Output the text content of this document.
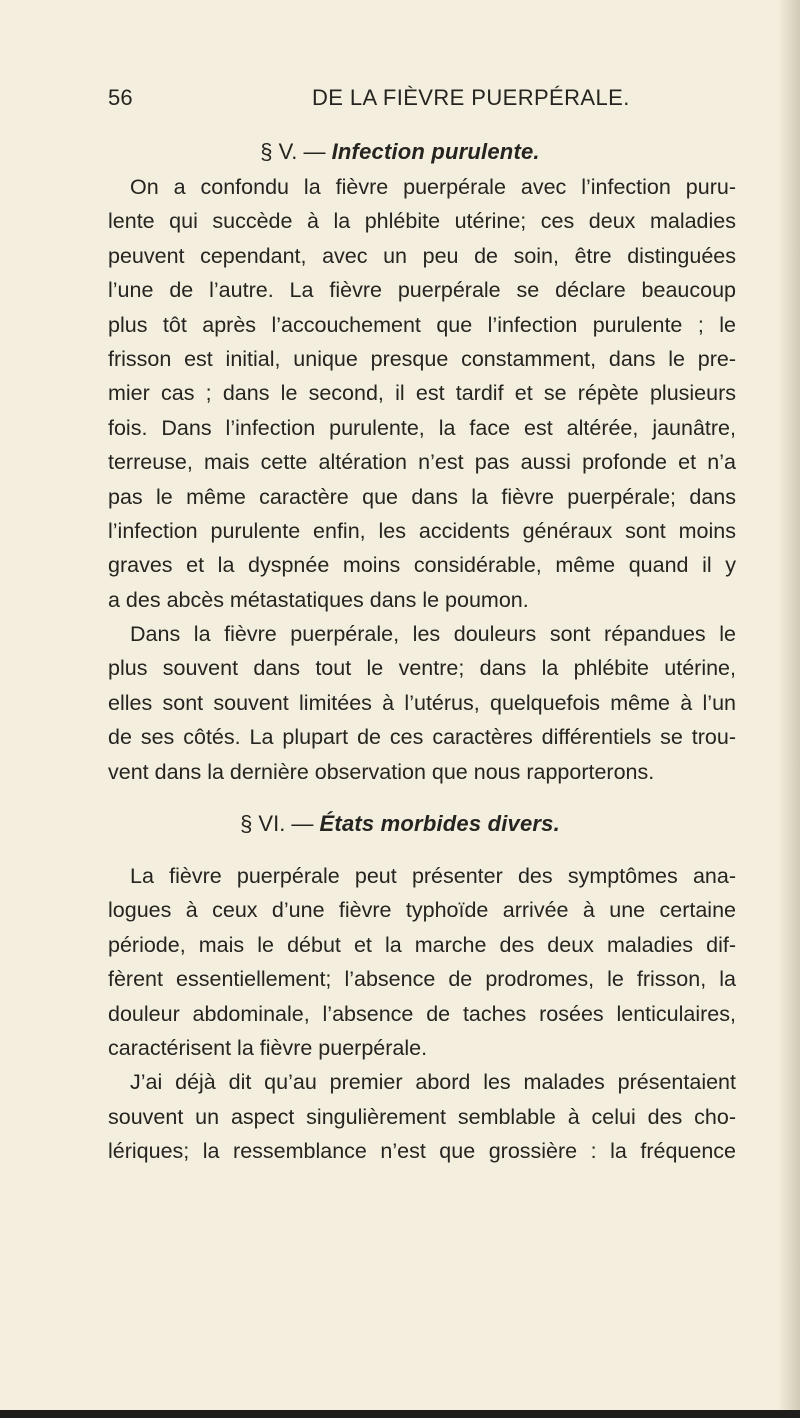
56	DE LA FIÈVRE PUERPÉRALE.
§ V. — Infection purulente.
On a confondu la fièvre puerpérale avec l’infection puru-
lente qui succède à la phlébite utérine; ces deux maladies
peuvent cependant, avec un peu de soin, être distinguées
l’une de l’autre. La fièvre puerpérale se déclare beaucoup
plus tôt après l’accouchement que l’infection purulente ; le
frisson est initial, unique presque constamment, dans le pre-
mier cas ; dans le second, il est tardif et se répète plusieurs
fois. Dans l’infection purulente, la face est altérée, jaunâtre,
terreuse, mais cette altération n’est pas aussi profonde et n’a
pas le même caractère que dans la fièvre puerpérale; dans
l’infection purulente enfin, les accidents généraux sont moins
graves et la dyspnée moins considérable, même quand il y
a des abcès métastatiques dans le poumon.
Dans la fièvre puerpérale, les douleurs sont répandues le
plus souvent dans tout le ventre; dans la phlébite utérine,
elles sont souvent limitées à l’utérus, quelquefois même à l’un
de ses côtés. La plupart de ces caractères différentiels se trou-
vent dans la dernière observation que nous rapporterons.
§ VI. — États morbides divers.
La fièvre puerpérale peut présenter des symptômes ana-
logues à ceux d’une fièvre typhoïde arrivée à une certaine
période, mais le début et la marche des deux maladies dif-
fèrent essentiellement; l’absence de prodromes, le frisson, la
douleur abdominale, l’absence de taches rosées lenticulaires,
caractérisent la fièvre puerpérale.
J’ai déjà dit qu’au premier abord les malades présentaient
souvent un aspect singulièrement semblable à celui des cho-
lériques; la ressemblance n’est que grossière : la fréquence
